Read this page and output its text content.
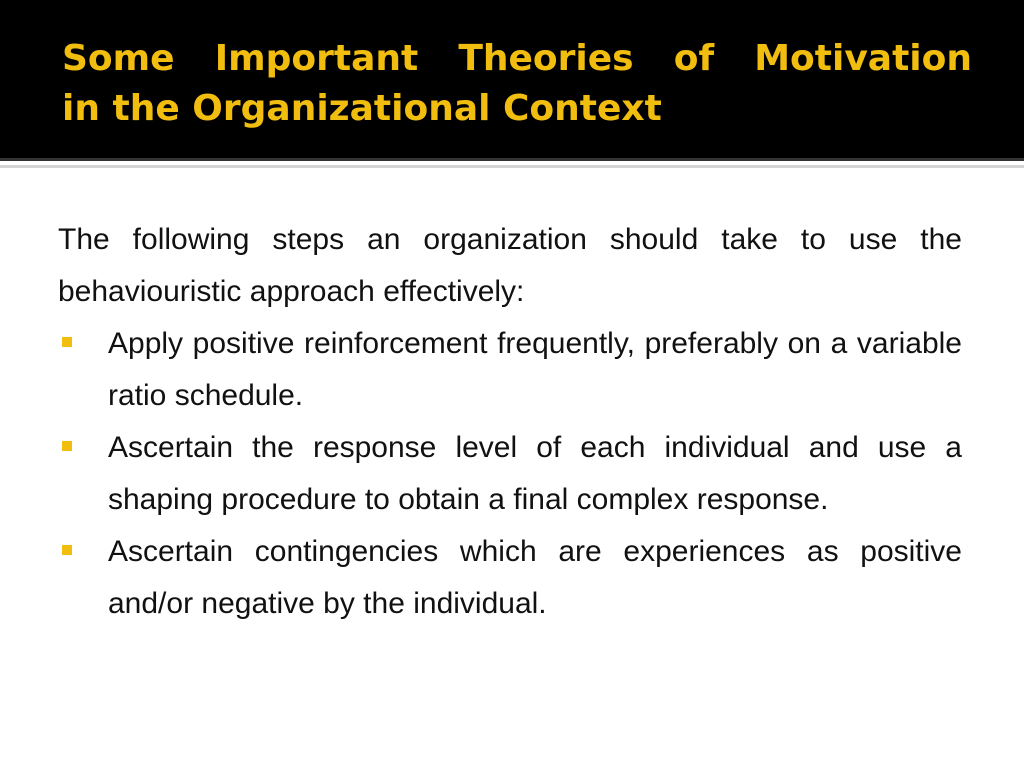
Some Important Theories of Motivation
in the Organizational Context

The following steps an organization should take to use the behaviouristic approach effectively:

Apply positive reinforcement frequently, preferably on a variable ratio schedule.
Ascertain the response level of each individual and use a shaping procedure to obtain a final complex response.
Ascertain contingencies which are experiences as positive and/or negative by the individual.
